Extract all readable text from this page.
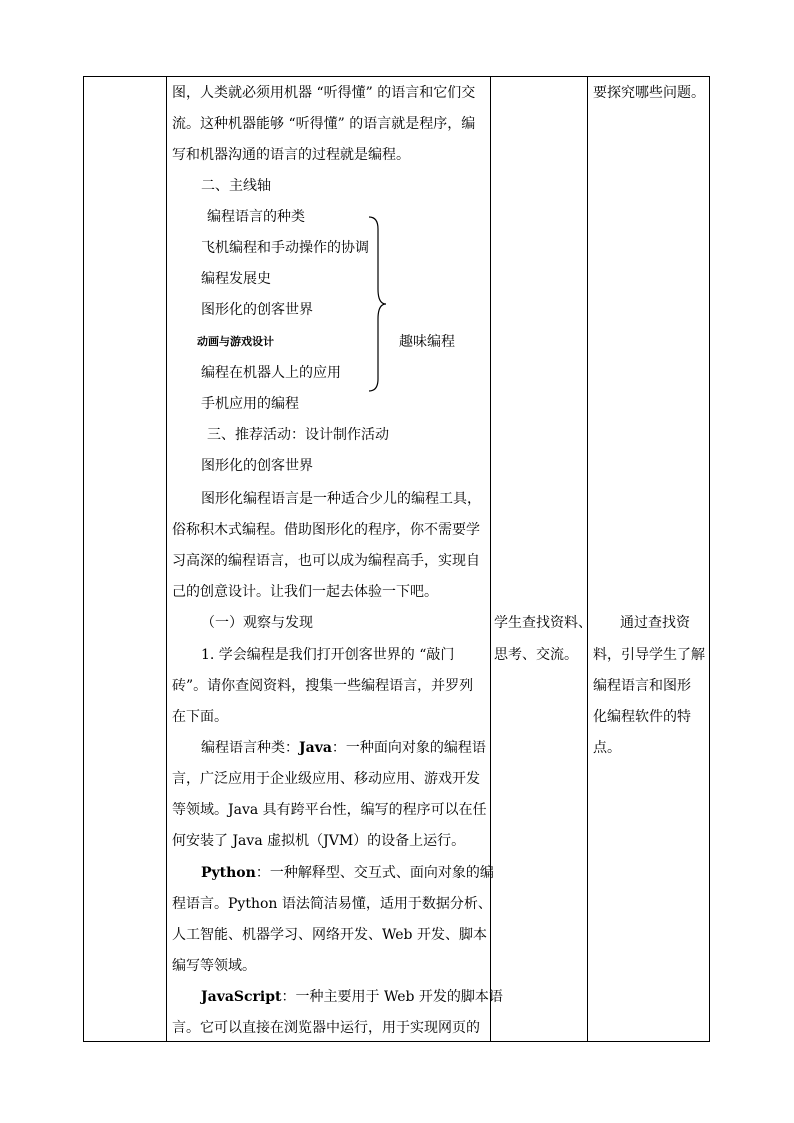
图，人类就必须用机器 “听得懂” 的语言和它们交
流。这种机器能够 “听得懂” 的语言就是程序，编
写和机器沟通的语言的过程就是编程。
二、主线轴
编程语言的种类
飞机编程和手动操作的协调
编程发展史
图形化的创客世界
动画与游戏设计
编程在机器人上的应用
手机应用的编程
趣味编程
三、推荐活动：设计制作活动
图形化的创客世界
图形化编程语言是一种适合少儿的编程工具，
俗称积木式编程。借助图形化的程序，你不需要学
习高深的编程语言，也可以成为编程高手，实现自
己的创意设计。让我们一起去体验一下吧。
（一）观察与发现
1. 学会编程是我们打开创客世界的 “敲门
砖”。请你查阅资料，搜集一些编程语言，并罗列
在下面。
编程语言种类：Java：一种面向对象的编程语
言，广泛应用于企业级应用、移动应用、游戏开发
等领域。Java 具有跨平台性，编写的程序可以在任
何安装了 Java 虚拟机（JVM）的设备上运行。
Python：一种解释型、交互式、面向对象的编
程语言。Python 语法简洁易懂，适用于数据分析、
人工智能、机器学习、网络开发、Web 开发、脚本
编写等领域。
JavaScript：一种主要用于 Web 开发的脚本语
言。它可以直接在浏览器中运行，用于实现网页的
学生查找资料、
思考、交流。
要探究哪些问题。
通过查找资
料，引导学生了解
编程语言和图形
化编程软件的特
点。
